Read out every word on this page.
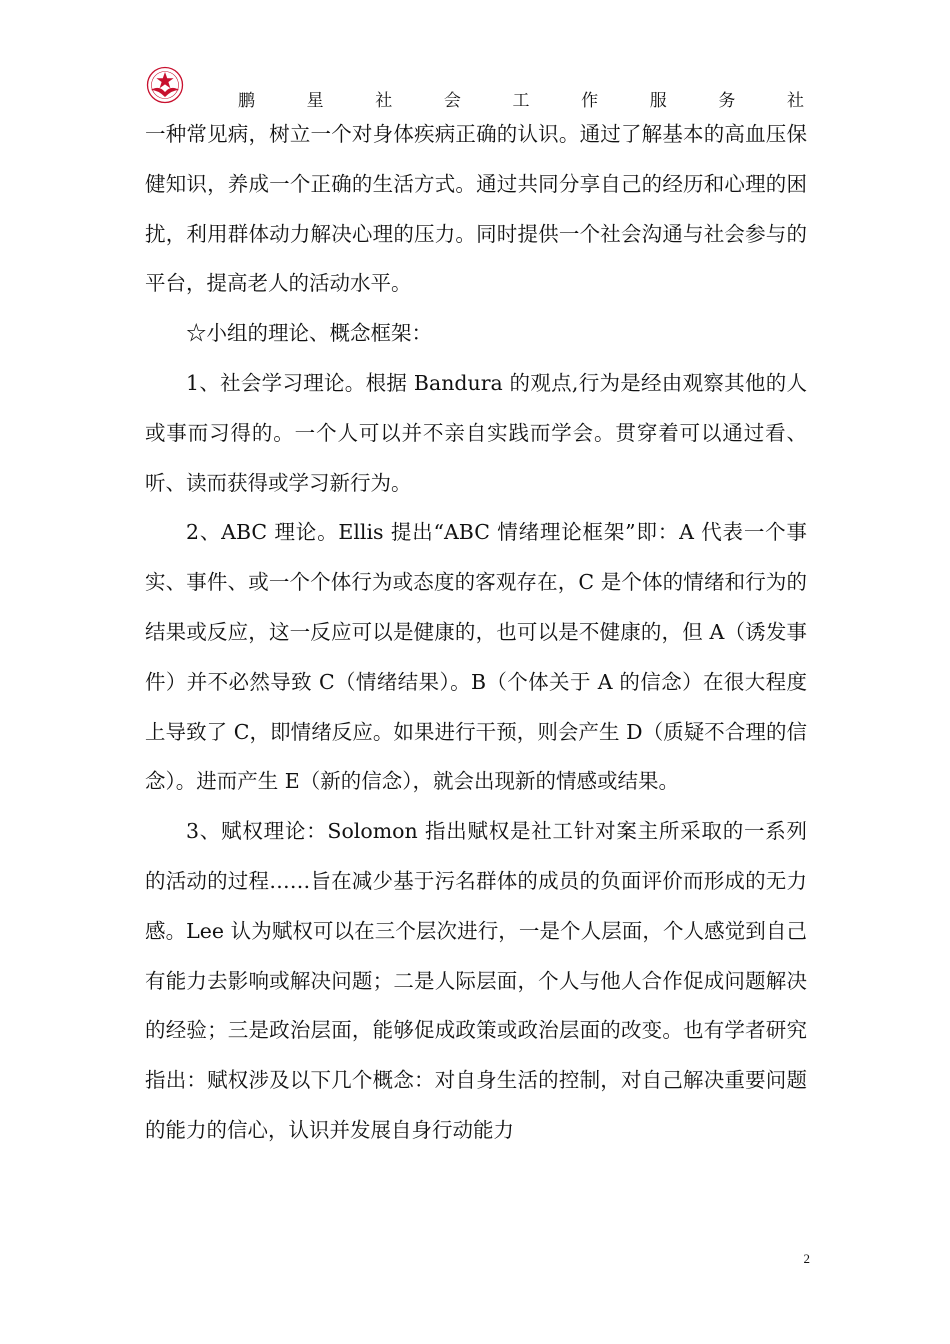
鹏	星	社	会	工	作	服	务	社

一种常见病，树立一个对身体疾病正确的认识。通过了解基本的高血压保健知识，养成一个正确的生活方式。通过共同分享自己的经历和心理的困扰，利用群体动力解决心理的压力。同时提供一个社会沟通与社会参与的平台，提高老人的活动水平。

☆小组的理论、概念框架：

1、社会学习理论。根据 Bandura 的观点,行为是经由观察其他的人或事而习得的。一个人可以并不亲自实践而学会。贯穿着可以通过看、听、读而获得或学习新行为。

2、ABC 理论。Ellis 提出“ABC 情绪理论框架”即：A 代表一个事实、事件、或一个个体行为或态度的客观存在，C 是个体的情绪和行为的结果或反应，这一反应可以是健康的，也可以是不健康的，但 A（诱发事件）并不必然导致 C（情绪结果）。B（个体关于 A 的信念）在很大程度上导致了 C，即情绪反应。如果进行干预，则会产生 D（质疑不合理的信念）。进而产生 E（新的信念），就会出现新的情感或结果。

3、赋权理论：Solomon 指出赋权是社工针对案主所采取的一系列的活动的过程……旨在减少基于污名群体的成员的负面评价而形成的无力感。Lee 认为赋权可以在三个层次进行，一是个人层面，个人感觉到自己有能力去影响或解决问题；二是人际层面，个人与他人合作促成问题解决的经验；三是政治层面，能够促成政策或政治层面的改变。也有学者研究指出：赋权涉及以下几个概念：对自身生活的控制，对自己解决重要问题的能力的信心，认识并发展自身行动能力

2
